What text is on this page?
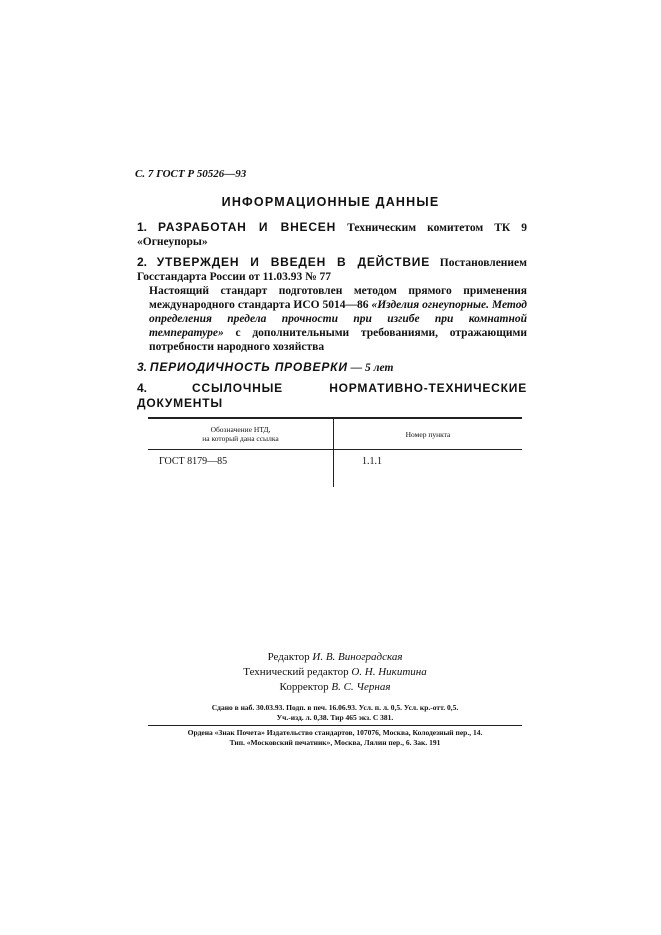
С. 7 ГОСТ Р 50526—93
ИНФОРМАЦИОННЫЕ ДАННЫЕ
1. РАЗРАБОТАН И ВНЕСЕН Техническим комитетом ТК 9 «Огнеупоры»
2. УТВЕРЖДЕН И ВВЕДЕН В ДЕЙСТВИЕ Постановлением Госстандарта России от 11.03.93 № 77
Настоящий стандарт подготовлен методом прямого применения международного стандарта ИСО 5014—86 «Изделия огнеупорные. Метод определения предела прочности при изгибе при комнатной температуре» с дополнительными требованиями, отражающими потребности народного хозяйства
3. ПЕРИОДИЧНОСТЬ ПРОВЕРКИ — 5 лет
4.	ССЫЛОЧНЫЕ НОРМАТИВНО-ТЕХНИЧЕСКИЕ ДОКУМЕНТЫ
Обозначение НТД,
на который дана ссылка	Номер пункта
ГОСТ 8179—85	1.1.1
Редактор И. В. Виноградская
Технический редактор О. Н. Никитина
Корректор В. С. Черная
Сдано в наб. 30.03.93. Подп. в печ. 16.06.93. Усл. п. л. 0,5. Усл. кр.-отт. 0,5.
Уч.-изд. л. 0,38. Тир 465 экз. С 381.
Ордена «Знак Почета» Издательство стандартов, 107076, Москва, Колодезный пер., 14.
Тип. «Московский печатник», Москва, Лялин пер., 6. Зак. 191
